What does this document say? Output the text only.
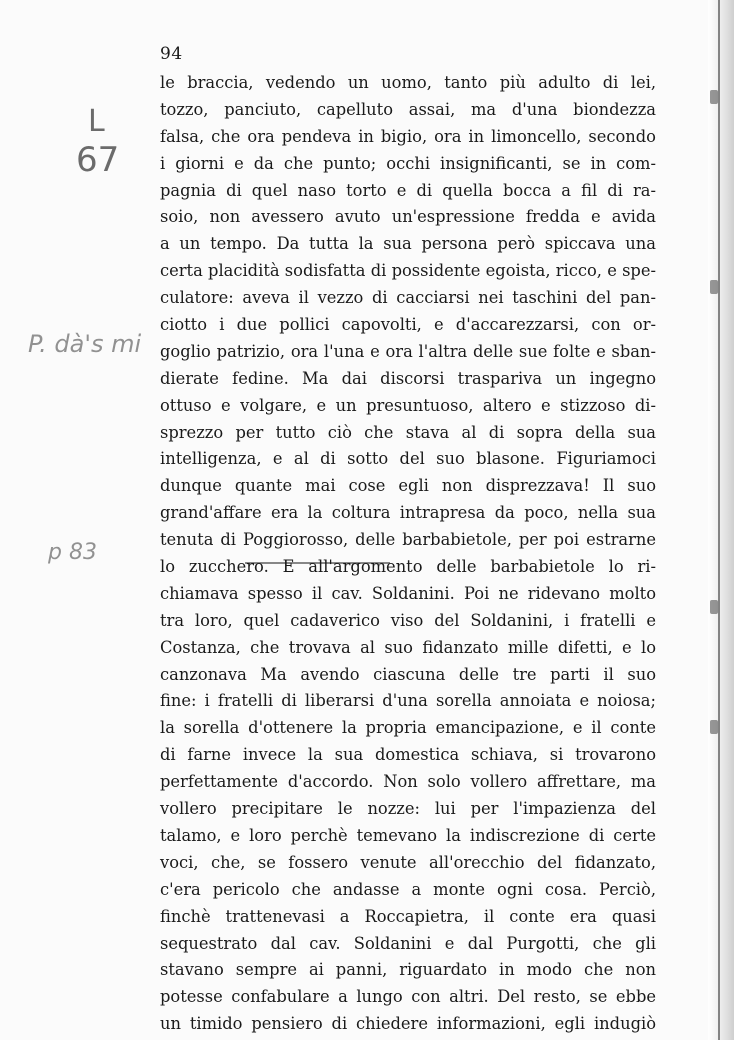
94
L
67
P. dà's mi
p 83
le braccia, vedendo un uomo, tanto più adulto di lei,
tozzo, panciuto, capelluto assai, ma d'una biondezza
falsa, che ora pendeva in bigio, ora in limoncello, secondo
i giorni e da che punto; occhi insignificanti, se in com-
pagnia di quel naso torto e di quella bocca a fil di ra-
soio, non avessero avuto un'espressione fredda e avida
a un tempo. Da tutta la sua persona però spiccava una
certa placidità sodisfatta di possidente egoista, ricco, e spe-
culatore: aveva il vezzo di cacciarsi nei taschini del pan-
ciotto i due pollici capovolti, e d'accarezzarsi, con or-
goglio patrizio, ora l'una e ora l'altra delle sue folte e sban-
dierate fedine. Ma dai discorsi traspariva un ingegno
ottuso e volgare, e un presuntuoso, altero e stizzoso di-
sprezzo per tutto ciò che stava al di sopra della sua
intelligenza, e al di sotto del suo blasone. Figuriamoci
dunque quante mai cose egli non disprezzava! Il suo
grand'affare era la coltura intrapresa da poco, nella sua
tenuta di Poggiorosso, delle barbabietole, per poi estrarne
lo zucchero. E all'argomento delle barbabietole lo ri-
chiamava spesso il cav. Soldanini. Poi ne ridevano molto
tra loro, quel cadaverico viso del Soldanini, i fratelli e
Costanza, che trovava al suo fidanzato mille difetti, e lo
canzonava Ma avendo ciascuna delle tre parti il suo
fine: i fratelli di liberarsi d'una sorella annoiata e noiosa;
la sorella d'ottenere la propria emancipazione, e il conte
di farne invece la sua domestica schiava, si trovarono
perfettamente d'accordo. Non solo vollero affrettare, ma
vollero precipitare le nozze: lui per l'impazienza del
talamo, e loro perchè temevano la indiscrezione di certe
voci, che, se fossero venute all'orecchio del fidanzato,
c'era pericolo che andasse a monte ogni cosa. Perciò,
finchè trattenevasi a Roccapietra, il conte era quasi
sequestrato dal cav. Soldanini e dal Purgotti, che gli
stavano sempre ai panni, riguardato in modo che non
potesse confabulare a lungo con altri. Del resto, se ebbe
un timido pensiero di chiedere informazioni, egli indugiò
